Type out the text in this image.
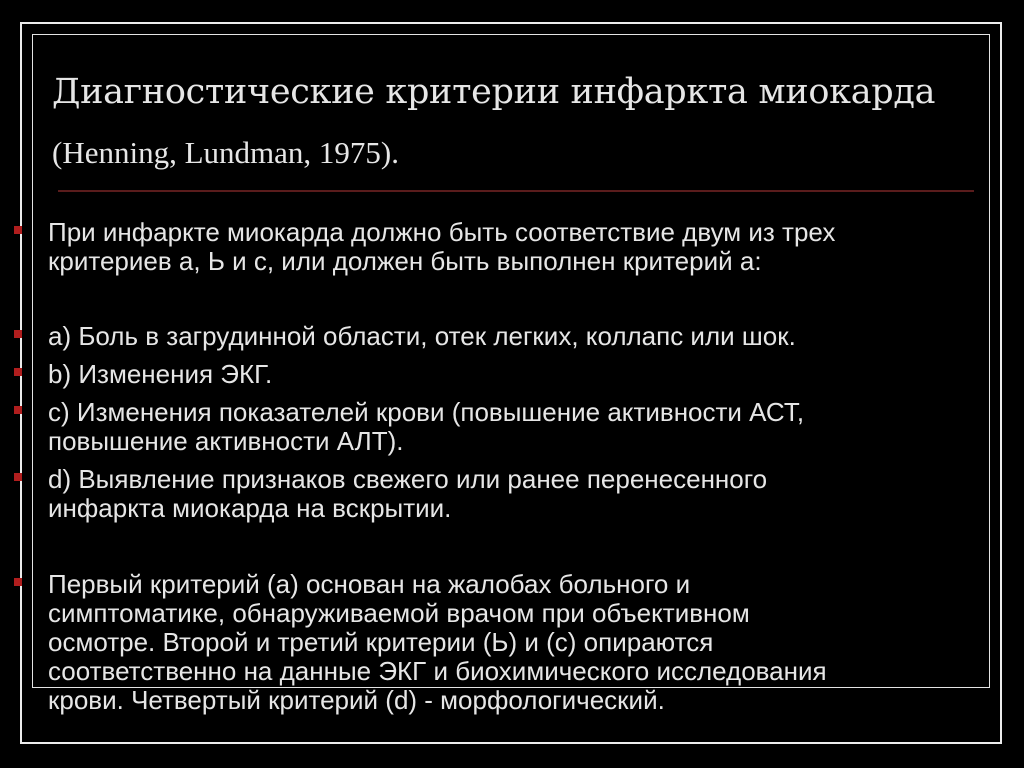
Диагностические критерии инфаркта миокарда

(Henning, Lundman, 1975).

При инфаркте миокарда должно быть соответствие двум из трех
критериев а, Ь и с, или должен быть выполнен критерий а:

a) Боль в загрудинной области, отек легких, коллапс или шок.

b) Изменения ЭКГ.

c) Изменения показателей крови (повышение активности АСТ,
повышение активности АЛТ).

d) Выявление признаков свежего или ранее перенесенного
инфаркта миокарда на вскрытии.

Первый критерий (а) основан на жалобах больного и
симптоматике, обнаруживаемой врачом при объективном
осмотре. Второй и третий критерии (Ь) и (с) опираются
соответственно на данные ЭКГ и биохимического исследования
крови. Четвертый критерий (d) - морфологический.
